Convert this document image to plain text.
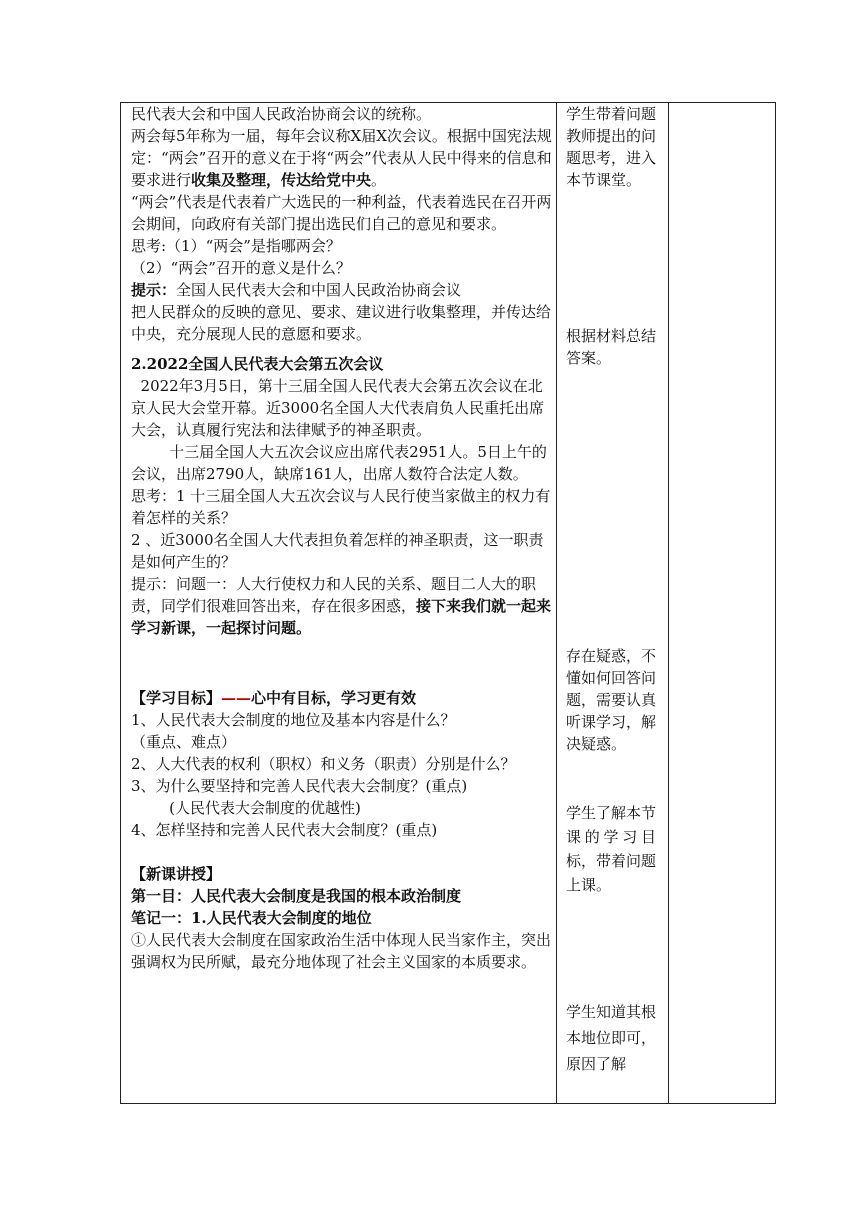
民代表大会和中国人民政治协商会议的统称。

两会每5年称为一届，每年会议称X届X次会议。根据中国宪法规定：“两会”召开的意义在于将“两会”代表从人民中得来的信息和要求进行收集及整理，传达给党中央。

“两会”代表是代表着广大选民的一种利益，代表着选民在召开两会期间，向政府有关部门提出选民们自己的意见和要求。

思考:（1）“两会”是指哪两会？

（2）“两会”召开的意义是什么？

提示：全国人民代表大会和中国人民政治协商会议

把人民群众的反映的意见、要求、建议进行收集整理，并传达给中央，充分展现人民的意愿和要求。

2.2022全国人民代表大会第五次会议

2022年3月5日，第十三届全国人民代表大会第五次会议在北京人民大会堂开幕。近3000名全国人大代表肩负人民重托出席大会，认真履行宪法和法律赋予的神圣职责。

十三届全国人大五次会议应出席代表2951人。5日上午的会议，出席2790人，缺席161人，出席人数符合法定人数。

思考：1 十三届全国人大五次会议与人民行使当家做主的权力有着怎样的关系？

2 、近3000名全国人大代表担负着怎样的神圣职责，这一职责是如何产生的？

提示：问题一：人大行使权力和人民的关系、题目二人大的职责，同学们很难回答出来，存在很多困惑，接下来我们就一起来学习新课，一起探讨问题。

【学习目标】——心中有目标，学习更有效

1、人民代表大会制度的地位及基本内容是什么？

（重点、难点）

2、人大代表的权利（职权）和义务（职责）分别是什么？

3、为什么要坚持和完善人民代表大会制度？(重点)

(人民代表大会制度的优越性)

4、怎样坚持和完善人民代表大会制度？(重点)

【新课讲授】

第一目：人民代表大会制度是我国的根本政治制度

笔记一：1.人民代表大会制度的地位

①人民代表大会制度在国家政治生活中体现人民当家作主，突出强调权为民所赋，最充分地体现了社会主义国家的本质要求。

学生带着问题教师提出的问题思考，进入本节课堂。
根据材料总结答案。
存在疑惑，不懂如何回答问题，需要认真听课学习，解决疑惑。
学生了解本节课的学习目标，带着问题上课。
学生知道其根本地位即可，原因了解
